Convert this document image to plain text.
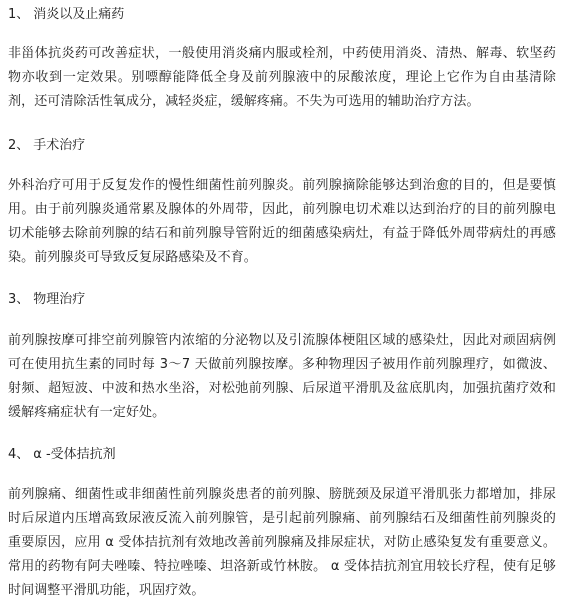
1、 消炎以及止痛药

非甾体抗炎药可改善症状，一般使用消炎痛内服或栓剂，中药使用消炎、清热、解毒、软坚药物亦收到一定效果。别嘌醇能降低全身及前列腺液中的尿酸浓度，理论上它作为自由基清除剂，还可清除活性氧成分，减轻炎症，缓解疼痛。不失为可选用的辅助治疗方法。

2、 手术治疗

外科治疗可用于反复发作的慢性细菌性前列腺炎。前列腺摘除能够达到治愈的目的，但是要慎用。由于前列腺炎通常累及腺体的外周带，因此，前列腺电切术难以达到治疗的目的前列腺电切术能够去除前列腺的结石和前列腺导管附近的细菌感染病灶，有益于降低外周带病灶的再感染。前列腺炎可导致反复尿路感染及不育。

3、 物理治疗

前列腺按摩可排空前列腺管内浓缩的分泌物以及引流腺体梗阻区域的感染灶，因此对顽固病例可在使用抗生素的同时每 3～7 天做前列腺按摩。多种物理因子被用作前列腺理疗，如微波、射频、超短波、中波和热水坐浴，对松弛前列腺、后尿道平滑肌及盆底肌肉，加强抗菌疗效和缓解疼痛症状有一定好处。

4、 α -受体拮抗剂

前列腺痛、细菌性或非细菌性前列腺炎患者的前列腺、膀胱颈及尿道平滑肌张力都增加，排尿时后尿道内压增高致尿液反流入前列腺管，是引起前列腺痛、前列腺结石及细菌性前列腺炎的重要原因，应用 α 受体拮抗剂有效地改善前列腺痛及排尿症状，对防止感染复发有重要意义。常用的药物有阿夫唑嗪、特拉唑嗪、坦洛新或竹林胺。 α 受体拮抗剂宜用较长疗程，使有足够时间调整平滑肌功能，巩固疗效。
